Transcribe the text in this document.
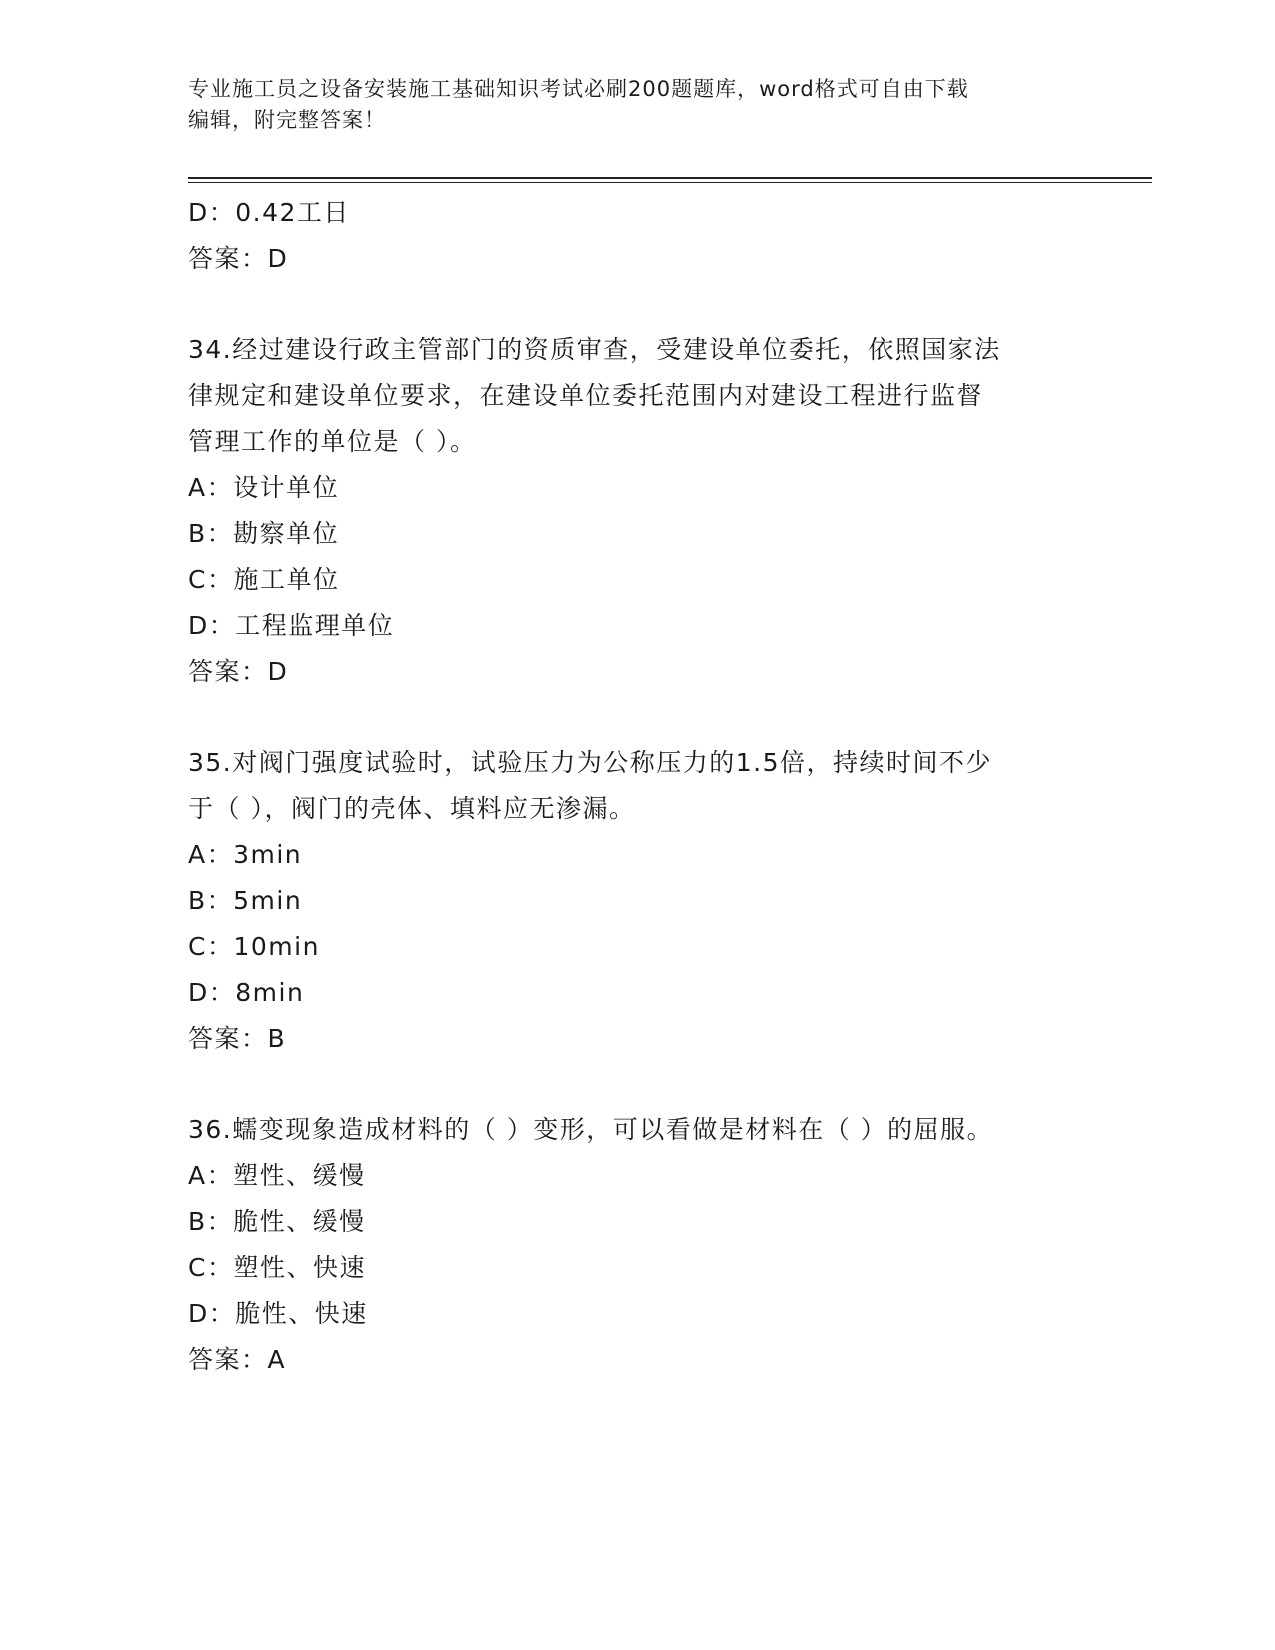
专业施工员之设备安装施工基础知识考试必刷200题题库，word格式可自由下载
编辑，附完整答案！
D：0.42工日
答案：D
34.经过建设行政主管部门的资质审查，受建设单位委托，依照国家法
律规定和建设单位要求，在建设单位委托范围内对建设工程进行监督
管理工作的单位是（ ）。
A：设计单位
B：勘察单位
C：施工单位
D：工程监理单位
答案：D
35.对阀门强度试验时，试验压力为公称压力的1.5倍，持续时间不少
于（ ），阀门的壳体、填料应无渗漏。
A：3min
B：5min
C：10min
D：8min
答案：B
36.蠕变现象造成材料的（ ）变形，可以看做是材料在（ ）的屈服。
A：塑性、缓慢
B：脆性、缓慢
C：塑性、快速
D：脆性、快速
答案：A
